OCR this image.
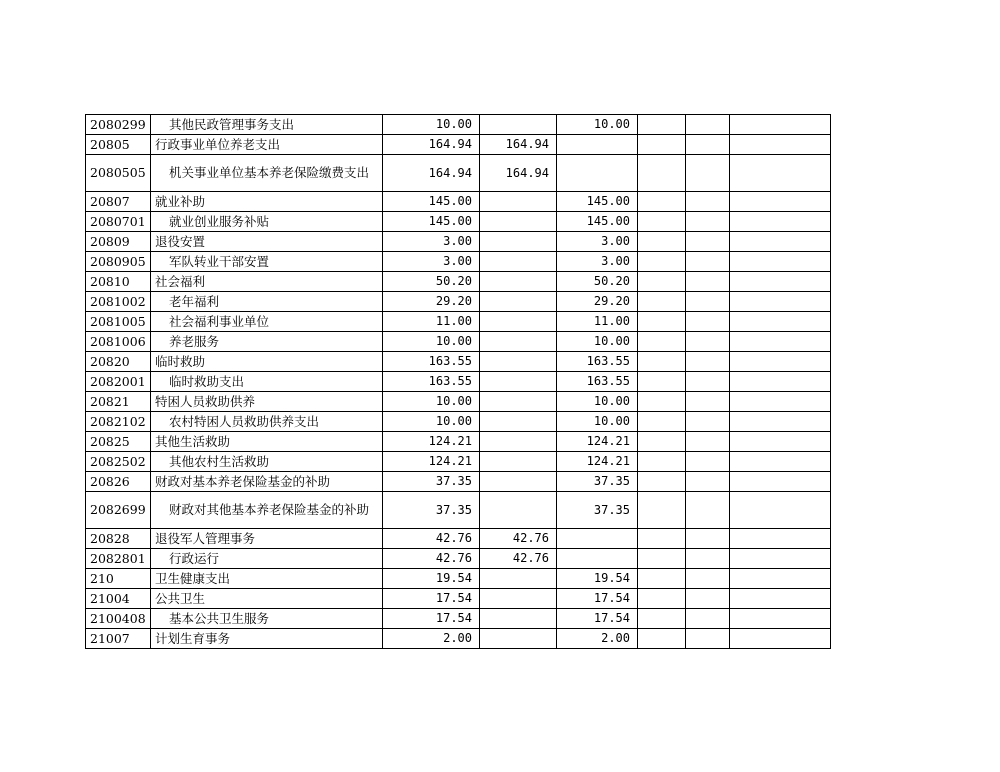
2080299	其他民政管理事务支出	10.00		10.00			
20805	行政事业单位养老支出	164.94	164.94				
2080505	机关事业单位基本养老保险缴费支出	164.94	164.94				
20807	就业补助	145.00		145.00			
2080701	就业创业服务补贴	145.00		145.00			
20809	退役安置	3.00		3.00			
2080905	军队转业干部安置	3.00		3.00			
20810	社会福利	50.20		50.20			
2081002	老年福利	29.20		29.20			
2081005	社会福利事业单位	11.00		11.00			
2081006	养老服务	10.00		10.00			
20820	临时救助	163.55		163.55			
2082001	临时救助支出	163.55		163.55			
20821	特困人员救助供养	10.00		10.00			
2082102	农村特困人员救助供养支出	10.00		10.00			
20825	其他生活救助	124.21		124.21			
2082502	其他农村生活救助	124.21		124.21			
20826	财政对基本养老保险基金的补助	37.35		37.35			
2082699	财政对其他基本养老保险基金的补助	37.35		37.35			
20828	退役军人管理事务	42.76	42.76				
2082801	行政运行	42.76	42.76				
210	卫生健康支出	19.54		19.54			
21004	公共卫生	17.54		17.54			
2100408	基本公共卫生服务	17.54		17.54			
21007	计划生育事务	2.00		2.00			
